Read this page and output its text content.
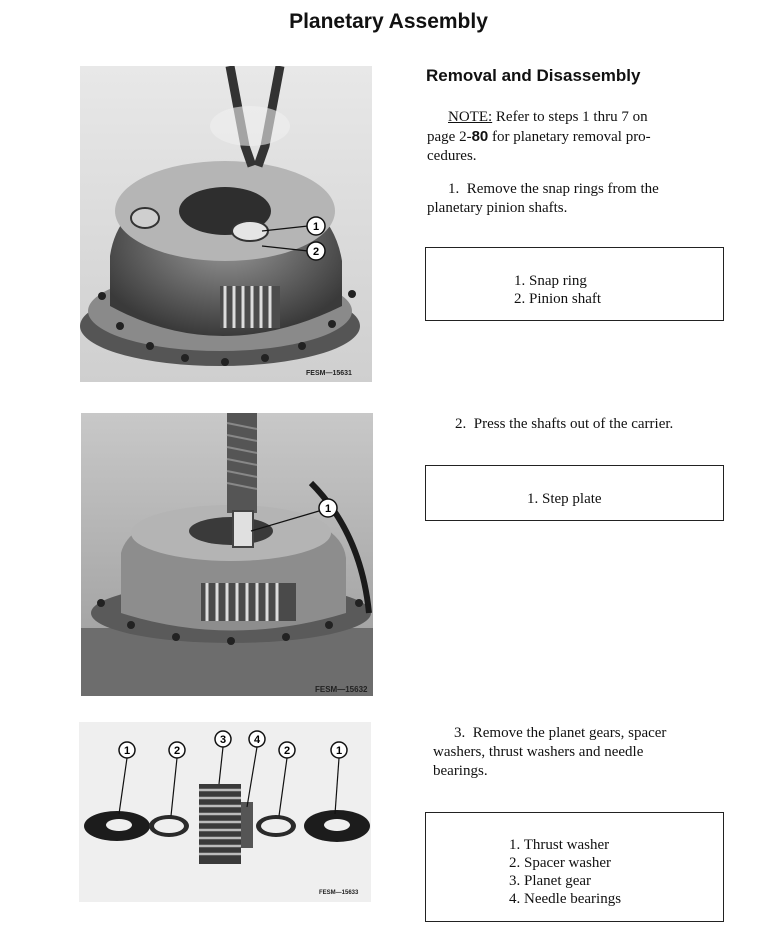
Planetary Assembly
Removal and Disassembly
NOTE: Refer to steps 1 thru 7 on
page 2-80 for planetary removal pro-
cedures.
1. Remove the snap rings from the
planetary pinion shafts.
1. Snap ring
2. Pinion shaft
2. Press the shafts out of the carrier.
1. Step plate
3. Remove the planet gears, spacer
washers, thrust washers and needle
bearings.
1. Thrust washer
2. Spacer washer
3. Planet gear
4. Needle bearings
1
2
FESM—15631
1
FESM—15632
1	2
3	4
2	1
FESM—15633
